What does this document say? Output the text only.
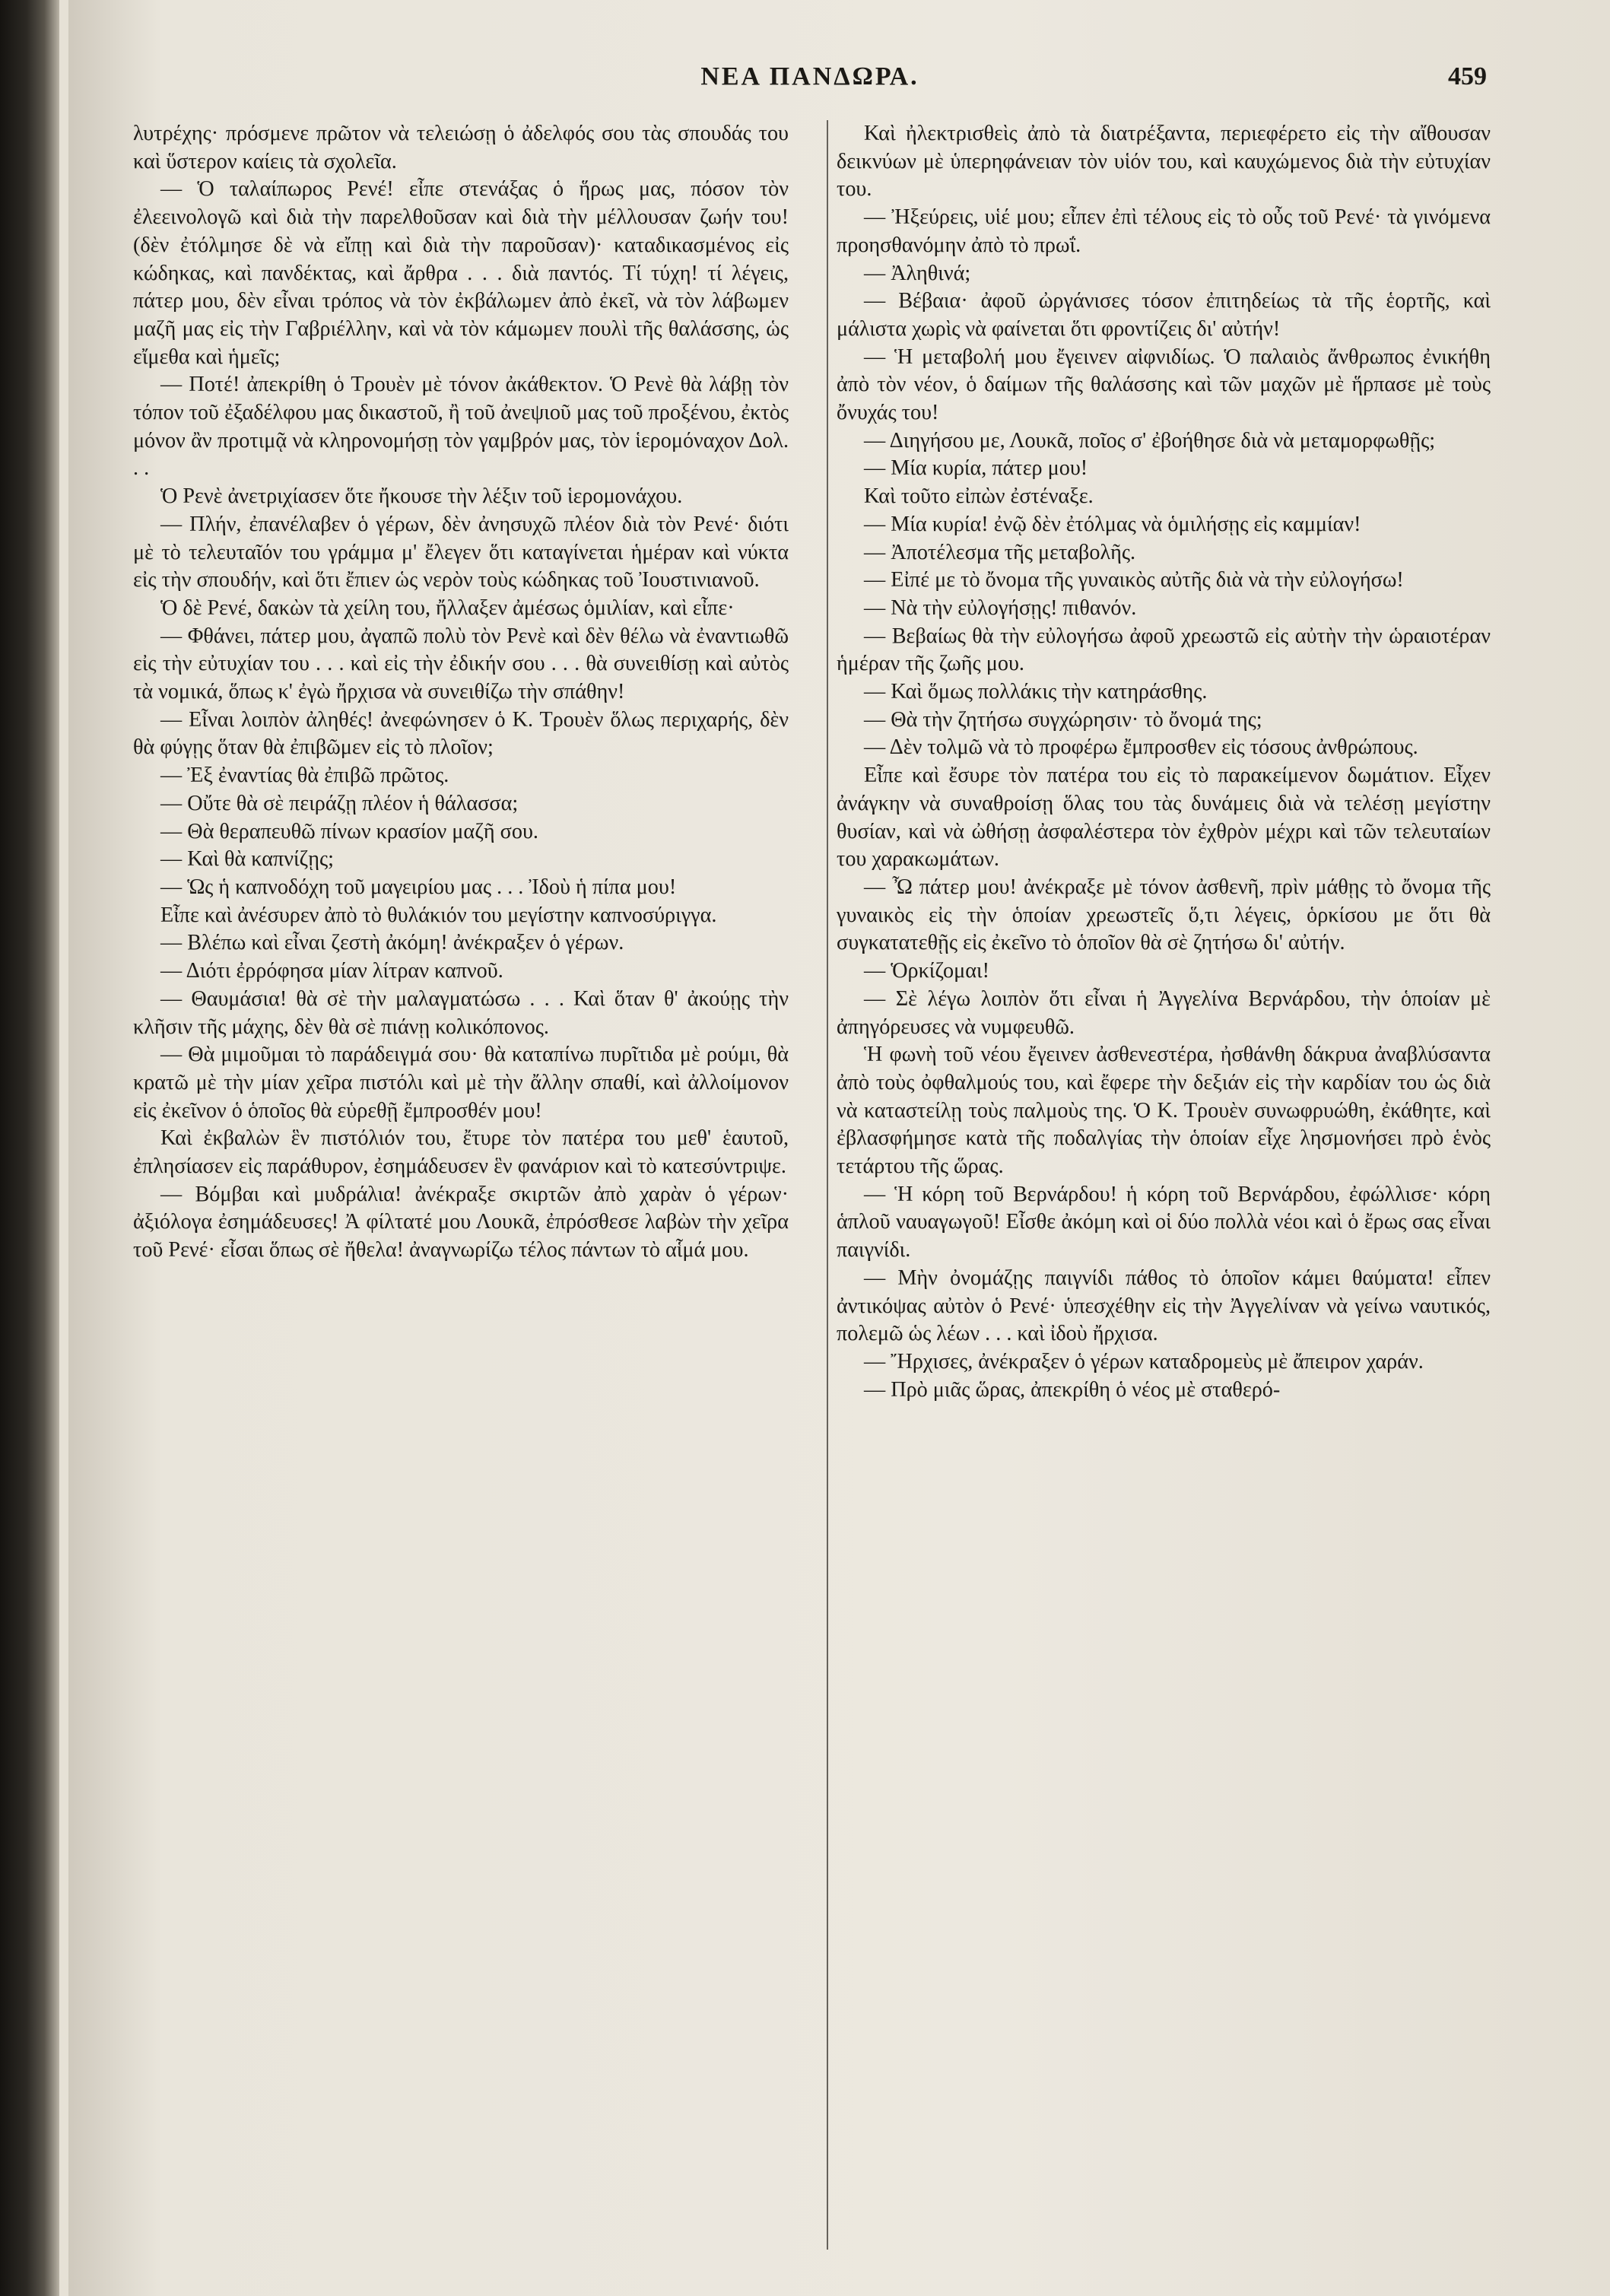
ΝΕΑ ΠΑΝΔΩΡΑ.	459

λυτρέχης· πρόσμενε πρῶτον νὰ τελειώσῃ ὁ ἀδελφός σου τὰς σπουδάς του καὶ ὕστερον καίεις τὰ σχολεῖα.

— Ὁ ταλαίπωρος Ρενέ! εἶπε στενάξας ὁ ἥρως μας, πόσον τὸν ἐλεεινολογῶ καὶ διὰ τὴν παρελθοῦσαν καὶ διὰ τὴν μέλλουσαν ζωήν του! (δὲν ἐτόλμησε δὲ νὰ εἴπῃ καὶ διὰ τὴν παροῦσαν)· καταδικασμένος εἰς κώδηκας, καὶ πανδέκτας, καὶ ἄρθρα . . . διὰ παντός. Τί τύχη! τί λέγεις, πάτερ μου, δὲν εἶναι τρόπος νὰ τὸν ἐκβάλωμεν ἀπὸ ἐκεῖ, νὰ τὸν λάβωμεν μαζῆ μας εἰς τὴν Γαβριέλλην, καὶ νὰ τὸν κάμωμεν πουλὶ τῆς θαλάσσης, ὡς εἴμεθα καὶ ἡμεῖς;

— Ποτέ! ἀπεκρίθη ὁ Τρουὲν μὲ τόνον ἀκάθεκτον. Ὁ Ρενὲ θὰ λάβῃ τὸν τόπον τοῦ ἐξαδέλφου μας δικαστοῦ, ἢ τοῦ ἀνεψιοῦ μας τοῦ προξένου, ἐκτὸς μόνον ἂν προτιμᾷ νὰ κληρονομήσῃ τὸν γαμβρόν μας, τὸν ἱερομόναχον Δολ. . .

Ὁ Ρενὲ ἀνετριχίασεν ὅτε ἤκουσε τὴν λέξιν τοῦ ἱερομονάχου.

— Πλήν, ἐπανέλαβεν ὁ γέρων, δὲν ἀνησυχῶ πλέον διὰ τὸν Ρενέ· διότι μὲ τὸ τελευταῖόν του γράμμα μ' ἔλεγεν ὅτι καταγίνεται ἡμέραν καὶ νύκτα εἰς τὴν σπουδήν, καὶ ὅτι ἔπιεν ὡς νερὸν τοὺς κώδηκας τοῦ Ἰουστινιανοῦ.

Ὁ δὲ Ρενέ, δακὼν τὰ χείλη του, ἤλλαξεν ἀμέσως ὁμιλίαν, καὶ εἶπε·

— Φθάνει, πάτερ μου, ἀγαπῶ πολὺ τὸν Ρενὲ καὶ δὲν θέλω νὰ ἐναντιωθῶ εἰς τὴν εὐτυχίαν του . . . καὶ εἰς τὴν ἐδικήν σου . . . θὰ συνειθίσῃ καὶ αὐτὸς τὰ νομικά, ὅπως κ' ἐγὼ ἤρχισα νὰ συνειθίζω τὴν σπάθην!

— Εἶναι λοιπὸν ἀληθές! ἀνεφώνησεν ὁ Κ. Τρουὲν ὅλως περιχαρής, δὲν θὰ φύγῃς ὅταν θὰ ἐπιβῶμεν εἰς τὸ πλοῖον;

— Ἐξ ἐναντίας θὰ ἐπιβῶ πρῶτος.

— Οὔτε θὰ σὲ πειράζῃ πλέον ἡ θάλασσα;

— Θὰ θεραπευθῶ πίνων κρασίον μαζῆ σου.

— Καὶ θὰ καπνίζῃς;

— Ὡς ἡ καπνοδόχη τοῦ μαγειρίου μας . . . Ἰδοὺ ἡ πίπα μου!

Εἶπε καὶ ἀνέσυρεν ἀπὸ τὸ θυλάκιόν του μεγίστην καπνοσύριγγα.

— Βλέπω καὶ εἶναι ζεστὴ ἀκόμη! ἀνέκραξεν ὁ γέρων.

— Διότι ἐρρόφησα μίαν λίτραν καπνοῦ.

— Θαυμάσια! θὰ σὲ τὴν μαλαγματώσω . . . Καὶ ὅταν θ' ἀκούῃς τὴν κλῆσιν τῆς μάχης, δὲν θὰ σὲ πιάνῃ κολικόπονος.

— Θὰ μιμοῦμαι τὸ παράδειγμά σου· θὰ καταπίνω πυρῖτιδα μὲ ρούμι, θὰ κρατῶ μὲ τὴν μίαν χεῖρα πιστόλι καὶ μὲ τὴν ἄλλην σπαθί, καὶ ἀλλοίμονον εἰς ἐκεῖνον ὁ ὁποῖος θὰ εὑρεθῇ ἔμπροσθέν μου!

Καὶ ἐκβαλὼν ἓν πιστόλιόν του, ἔτυρε τὸν πατέρα του μεθ' ἑαυτοῦ, ἐπλησίασεν εἰς παράθυρον, ἐσημάδευσεν ἓν φανάριον καὶ τὸ κατεσύντριψε.

— Βόμβαι καὶ μυδράλια! ἀνέκραξε σκιρτῶν ἀπὸ χαρὰν ὁ γέρων· ἀξιόλογα ἐσημάδευσες! Ἀ φίλτατέ μου Λουκᾶ, ἐπρόσθεσε λαβὼν τὴν χεῖρα τοῦ Ρενέ· εἶσαι ὅπως σὲ ἤθελα! ἀναγνωρίζω τέλος πάντων τὸ αἷμά μου.

Καὶ ἠλεκτρισθεὶς ἀπὸ τὰ διατρέξαντα, περιεφέρετο εἰς τὴν αἴθουσαν δεικνύων μὲ ὑπερηφάνειαν τὸν υἱόν του, καὶ καυχώμενος διὰ τὴν εὐτυχίαν του.

— Ἠξεύρεις, υἱέ μου; εἶπεν ἐπὶ τέλους εἰς τὸ οὖς τοῦ Ρενέ· τὰ γινόμενα προησθανόμην ἀπὸ τὸ πρωΐ.

— Ἀληθινά;

— Βέβαια· ἀφοῦ ὠργάνισες τόσον ἐπιτηδείως τὰ τῆς ἑορτῆς, καὶ μάλιστα χωρὶς νὰ φαίνεται ὅτι φροντίζεις δι' αὐτήν!

— Ἡ μεταβολή μου ἔγεινεν αἰφνιδίως. Ὁ παλαιὸς ἄνθρωπος ἐνικήθη ἀπὸ τὸν νέον, ὁ δαίμων τῆς θαλάσσης καὶ τῶν μαχῶν μὲ ἥρπασε μὲ τοὺς ὄνυχάς του!

— Διηγήσου με, Λουκᾶ, ποῖος σ' ἐβοήθησε διὰ νὰ μεταμορφωθῇς;

— Μία κυρία, πάτερ μου!

Καὶ τοῦτο εἰπὼν ἐστέναξε.

— Μία κυρία! ἐνῷ δὲν ἐτόλμας νὰ ὁμιλήσῃς εἰς καμμίαν!

— Ἀποτέλεσμα τῆς μεταβολῆς.

— Εἰπέ με τὸ ὄνομα τῆς γυναικὸς αὐτῆς διὰ νὰ τὴν εὐλογήσω!

— Νὰ τὴν εὐλογήσῃς! πιθανόν.

— Βεβαίως θὰ τὴν εὐλογήσω ἀφοῦ χρεωστῶ εἰς αὐτὴν τὴν ὡραιοτέραν ἡμέραν τῆς ζωῆς μου.

— Καὶ ὅμως πολλάκις τὴν κατηράσθης.

— Θὰ τὴν ζητήσω συγχώρησιν· τὸ ὄνομά της;

— Δὲν τολμῶ νὰ τὸ προφέρω ἔμπροσθεν εἰς τόσους ἀνθρώπους.

Εἶπε καὶ ἔσυρε τὸν πατέρα του εἰς τὸ παρακείμενον δωμάτιον. Εἶχεν ἀνάγκην νὰ συναθροίσῃ ὅλας του τὰς δυνάμεις διὰ νὰ τελέσῃ μεγίστην θυσίαν, καὶ νὰ ὠθήσῃ ἀσφαλέστερα τὸν ἐχθρὸν μέχρι καὶ τῶν τελευταίων του χαρακωμάτων.

— Ὦ πάτερ μου! ἀνέκραξε μὲ τόνον ἀσθενῆ, πρὶν μάθῃς τὸ ὄνομα τῆς γυναικὸς εἰς τὴν ὁποίαν χρεωστεῖς ὅ,τι λέγεις, ὁρκίσου με ὅτι θὰ συγκατατεθῇς εἰς ἐκεῖνο τὸ ὁποῖον θὰ σὲ ζητήσω δι' αὐτήν.

— Ὁρκίζομαι!

— Σὲ λέγω λοιπὸν ὅτι εἶναι ἡ Ἀγγελίνα Βερνάρδου, τὴν ὁποίαν μὲ ἀπηγόρευσες νὰ νυμφευθῶ.

Ἡ φωνὴ τοῦ νέου ἔγεινεν ἀσθενεστέρα, ἠσθάνθη δάκρυα ἀναβλύσαντα ἀπὸ τοὺς ὀφθαλμούς του, καὶ ἔφερε τὴν δεξιάν εἰς τὴν καρδίαν του ὡς διὰ νὰ καταστείλῃ τοὺς παλμοὺς της. Ὁ Κ. Τρουὲν συνωφρυώθη, ἐκάθητε, καὶ ἐβλασφήμησε κατὰ τῆς ποδαλγίας τὴν ὁποίαν εἶχε λησμονήσει πρὸ ἑνὸς τετάρτου τῆς ὥρας.

— Ἡ κόρη τοῦ Βερνάρδου! ἡ κόρη τοῦ Βερνάρδου, ἐφώλλισε· κόρη ἁπλοῦ ναυαγωγοῦ! Εἶσθε ἀκόμη καὶ οἱ δύο πολλὰ νέοι καὶ ὁ ἔρως σας εἶναι παιγνίδι.

— Μὴν ὀνομάζῃς παιγνίδι πάθος τὸ ὁποῖον κάμει θαύματα! εἶπεν ἀντικόψας αὐτὸν ὁ Ρενέ· ὑπεσχέθην εἰς τὴν Ἀγγελίναν νὰ γείνω ναυτικός, πολεμῶ ὡς λέων . . . καὶ ἰδοὺ ἤρχισα.

— Ἤρχισες, ἀνέκραξεν ὁ γέρων καταδρομεὺς μὲ ἄπειρον χαράν.

— Πρὸ μιᾶς ὥρας, ἀπεκρίθη ὁ νέος μὲ σταθερό-
